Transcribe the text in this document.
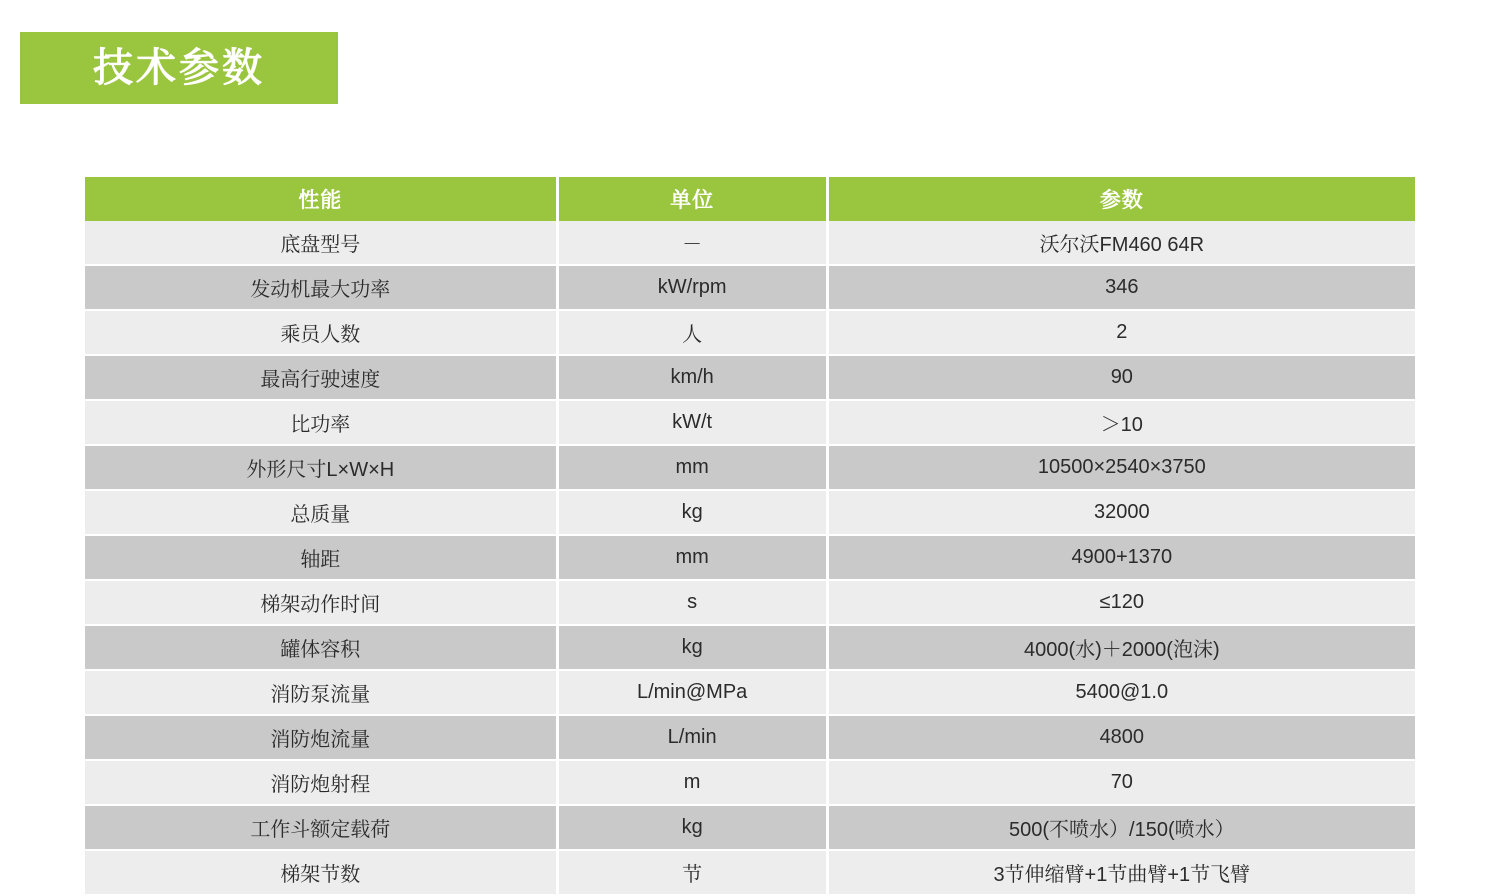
技术参数
性能	单位	参数
底盘型号	－	沃尔沃FM460 64R
发动机最大功率	kW/rpm	346
乘员人数	人	2
最高行驶速度	km/h	90
比功率	kW/t	＞10
外形尺寸L×W×H	mm	10500×2540×3750
总质量	kg	32000
轴距	mm	4900+1370
梯架动作时间	s	≤120
罐体容积	kg	4000(水)＋2000(泡沫)
消防泵流量	L/min@MPa	5400@1.0
消防炮流量	L/min	4800
消防炮射程	m	70
工作斗额定载荷	kg	500(不喷水）/150(喷水）
梯架节数	节	3节伸缩臂+1节曲臂+1节飞臂
